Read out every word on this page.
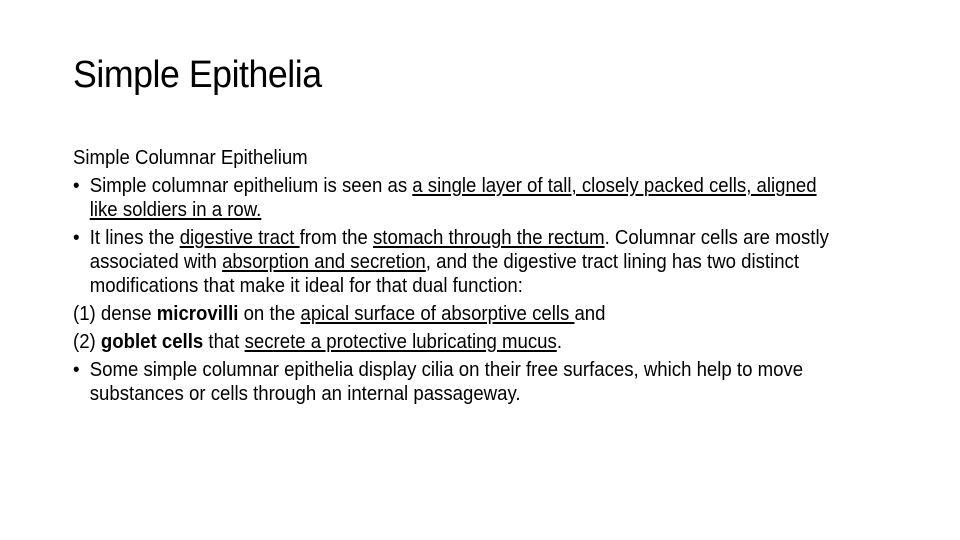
Simple Epithelia

Simple Columnar Epithelium

• Simple columnar epithelium is seen as a single layer of tall, closely packed cells, aligned like soldiers in a row.

• It lines the digestive tract from the stomach through the rectum. Columnar cells are mostly associated with absorption and secretion, and the digestive tract lining has two distinct modifications that make it ideal for that dual function:

(1) dense microvilli on the apical surface of absorptive cells and

(2) goblet cells that secrete a protective lubricating mucus.

• Some simple columnar epithelia display cilia on their free surfaces, which help to move substances or cells through an internal passageway.
